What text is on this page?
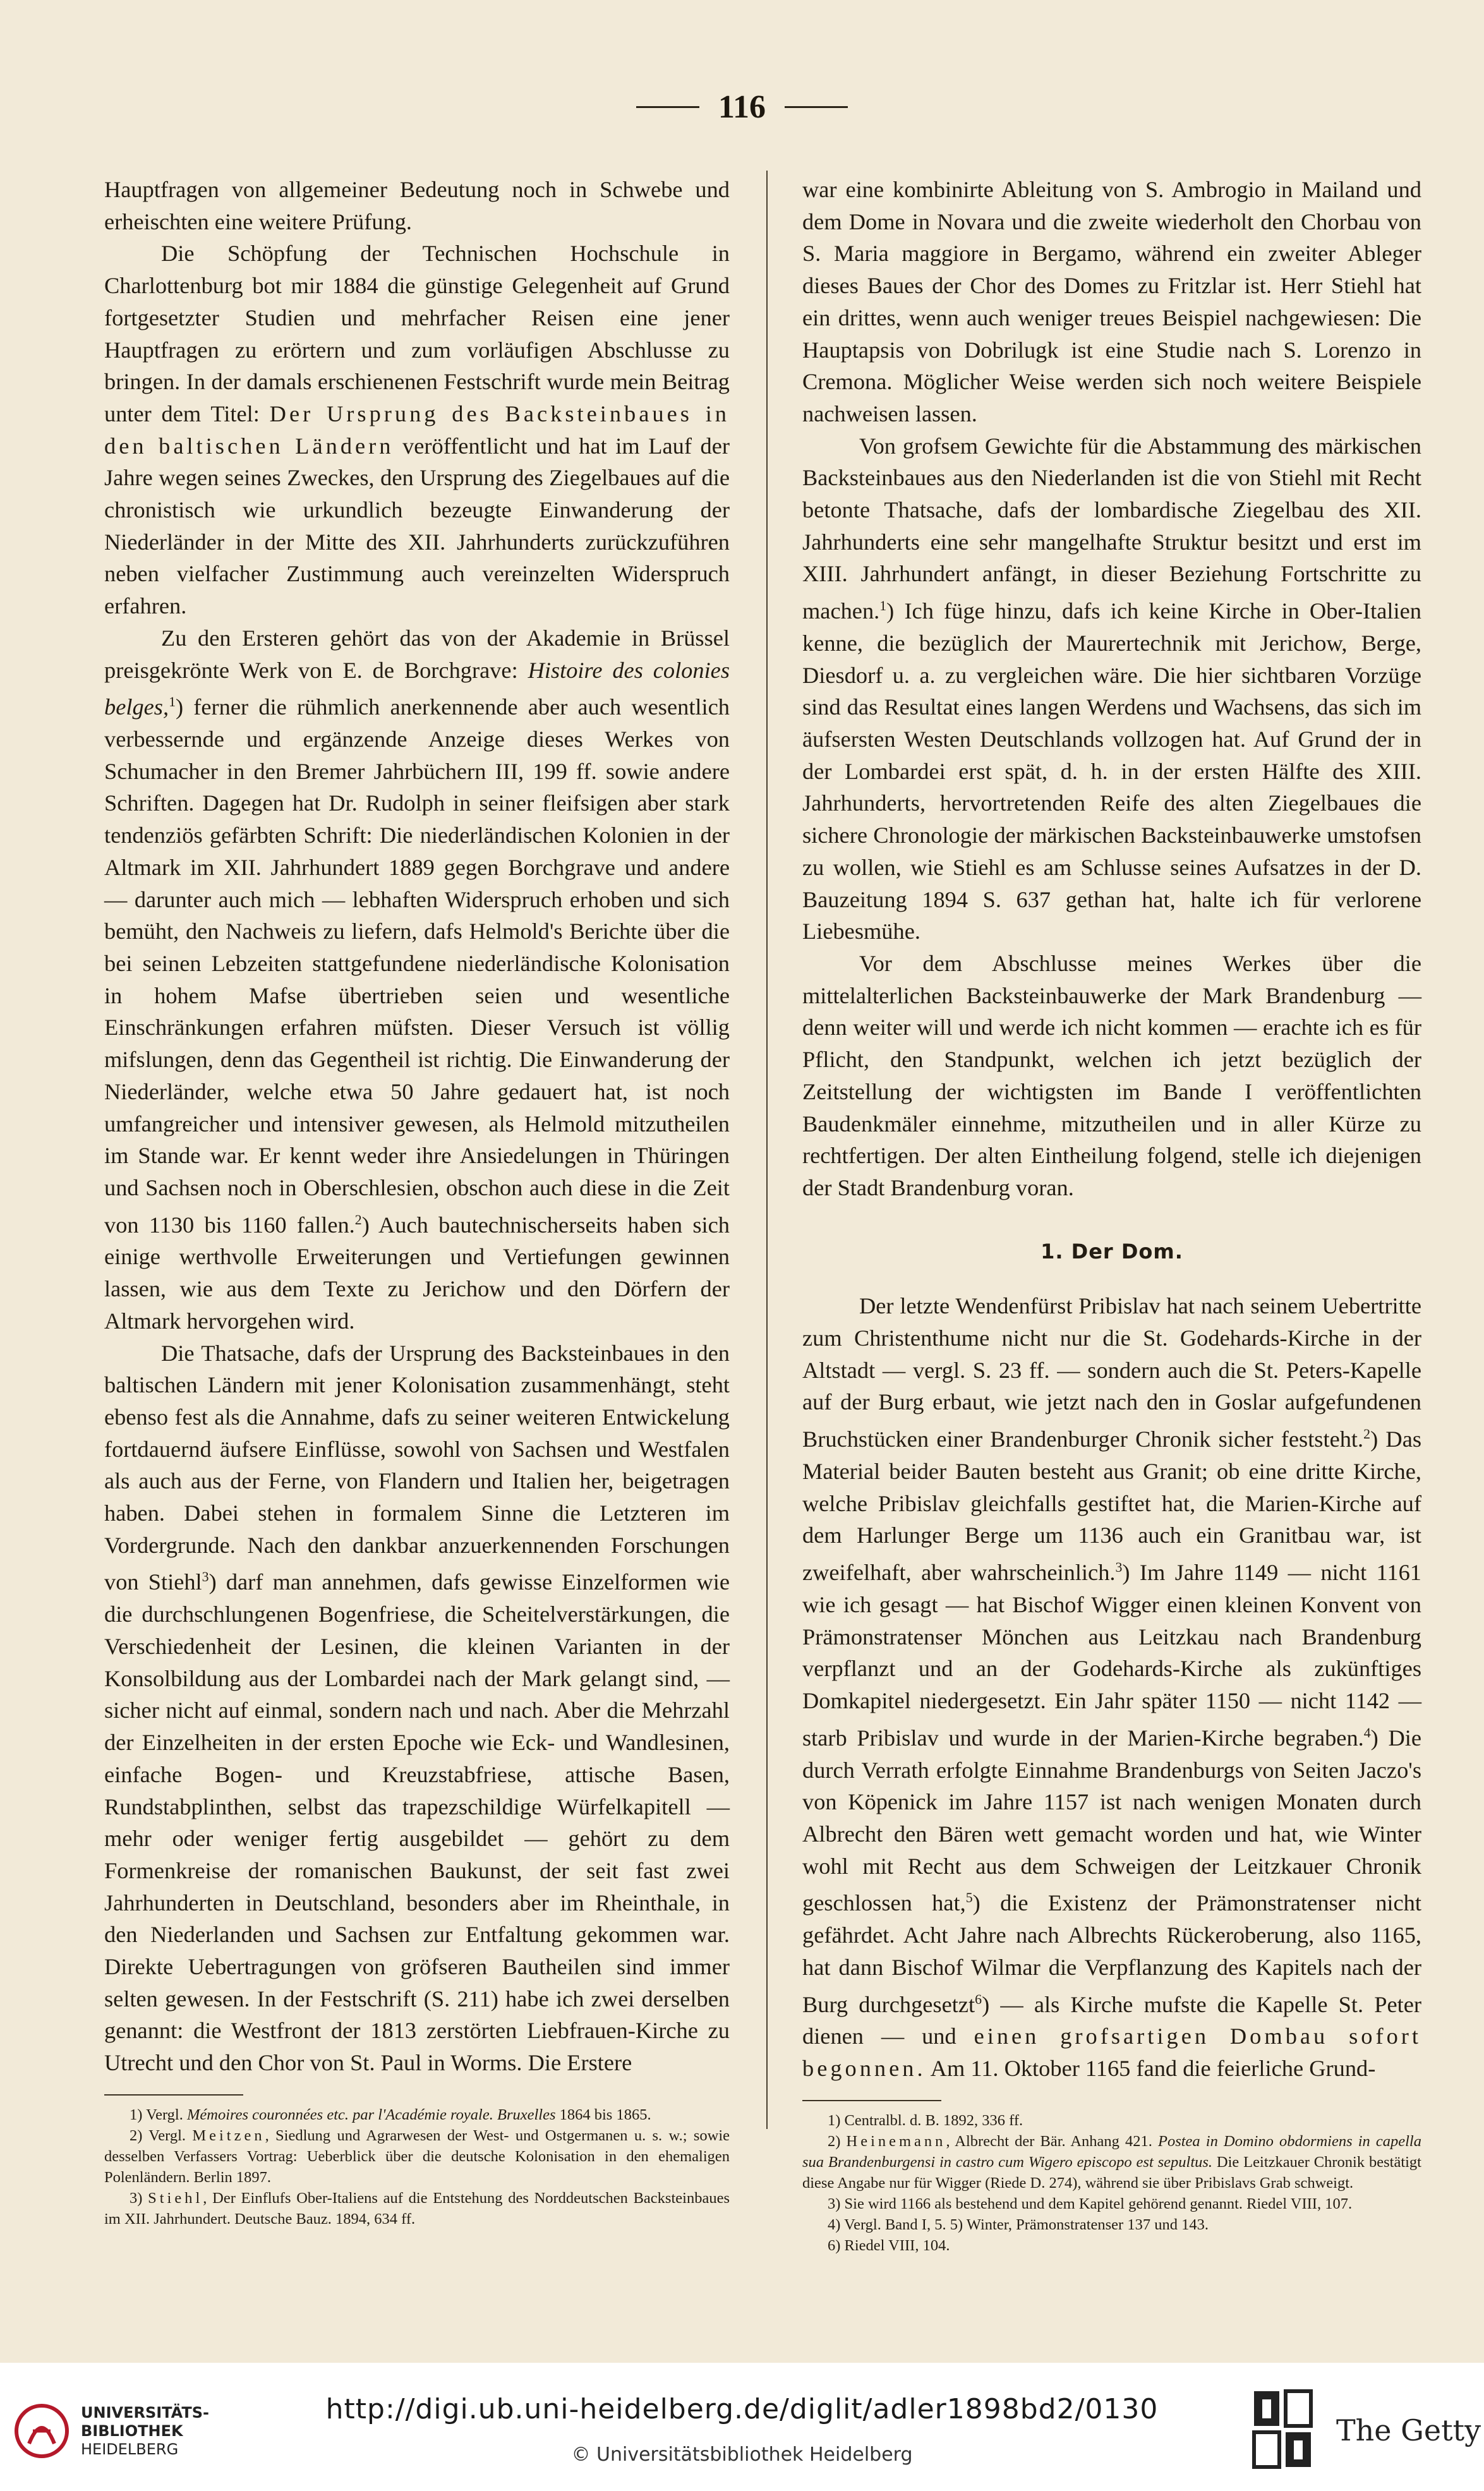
116

Hauptfragen von allgemeiner Bedeutung noch in Schwebe und erheischten eine weitere Prüfung.

Die Schöpfung der Technischen Hochschule in Charlottenburg bot mir 1884 die günstige Gelegenheit auf Grund fortgesetzter Studien und mehrfacher Reisen eine jener Hauptfragen zu erörtern und zum vorläufigen Abschlusse zu bringen. In der damals erschienenen Festschrift wurde mein Beitrag unter dem Titel: Der Ursprung des Backsteinbaues in den baltischen Ländern veröffentlicht und hat im Lauf der Jahre wegen seines Zweckes, den Ursprung des Ziegelbaues auf die chronistisch wie urkundlich bezeugte Einwanderung der Niederländer in der Mitte des XII. Jahrhunderts zurückzuführen neben vielfacher Zustimmung auch vereinzelten Widerspruch erfahren.

Zu den Ersteren gehört das von der Akademie in Brüssel preisgekrönte Werk von E. de Borchgrave: Histoire des colonies belges,$^1$) ferner die rühmlich anerkennende aber auch wesentlich verbessernde und ergänzende Anzeige dieses Werkes von Schumacher in den Bremer Jahrbüchern III, 199 ff. sowie andere Schriften. Dagegen hat Dr. Rudolph in seiner fleifsigen aber stark tendenziös gefärbten Schrift: Die niederländischen Kolonien in der Altmark im XII. Jahrhundert 1889 gegen Borchgrave und andere — darunter auch mich — lebhaften Widerspruch erhoben und sich bemüht, den Nachweis zu liefern, dafs Helmold's Berichte über die bei seinen Lebzeiten stattgefundene niederländische Kolonisation in hohem Mafse übertrieben seien und wesentliche Einschränkungen erfahren müfsten. Dieser Versuch ist völlig mifslungen, denn das Gegentheil ist richtig. Die Einwanderung der Niederländer, welche etwa 50 Jahre gedauert hat, ist noch umfangreicher und intensiver gewesen, als Helmold mitzutheilen im Stande war. Er kennt weder ihre Ansiedelungen in Thüringen und Sachsen noch in Oberschlesien, obschon auch diese in die Zeit von 1130 bis 1160 fallen.$^2$) Auch bautechnischerseits haben sich einige werthvolle Erweiterungen und Vertiefungen gewinnen lassen, wie aus dem Texte zu Jerichow und den Dörfern der Altmark hervorgehen wird.

Die Thatsache, dafs der Ursprung des Backsteinbaues in den baltischen Ländern mit jener Kolonisation zusammenhängt, steht ebenso fest als die Annahme, dafs zu seiner weiteren Entwickelung fortdauernd äufsere Einflüsse, sowohl von Sachsen und Westfalen als auch aus der Ferne, von Flandern und Italien her, beigetragen haben. Dabei stehen in formalem Sinne die Letzteren im Vordergrunde. Nach den dankbar anzuerkennenden Forschungen von Stiehl$^3$) darf man annehmen, dafs gewisse Einzelformen wie die durchschlungenen Bogenfriese, die Scheitelverstärkungen, die Verschiedenheit der Lesinen, die kleinen Varianten in der Konsolbildung aus der Lombardei nach der Mark gelangt sind, — sicher nicht auf einmal, sondern nach und nach. Aber die Mehrzahl der Einzelheiten in der ersten Epoche wie Eck- und Wandlesinen, einfache Bogen- und Kreuzstabfriese, attische Basen, Rundstabplinthen, selbst das trapezschildige Würfelkapitell — mehr oder weniger fertig ausgebildet — gehört zu dem Formenkreise der romanischen Baukunst, der seit fast zwei Jahrhunderten in Deutschland, besonders aber im Rheinthale, in den Niederlanden und Sachsen zur Entfaltung gekommen war. Direkte Uebertragungen von gröfseren Bautheilen sind immer selten gewesen. In der Festschrift (S. 211) habe ich zwei derselben genannt: die Westfront der 1813 zerstörten Liebfrauen-Kirche zu Utrecht und den Chor von St. Paul in Worms. Die Erstere

1) Vergl. Mémoires couronnées etc. par l'Académie royale. Bruxelles 1864 bis 1865.

2) Vergl. Meitzen, Siedlung und Agrarwesen der West- und Ostgermanen u. s. w.; sowie desselben Verfassers Vortrag: Ueberblick über die deutsche Kolonisation in den ehemaligen Polenländern. Berlin 1897.

3) Stiehl, Der Einflufs Ober-Italiens auf die Entstehung des Norddeutschen Backsteinbaues im XII. Jahrhundert. Deutsche Bauz. 1894, 634 ff.

war eine kombinirte Ableitung von S. Ambrogio in Mailand und dem Dome in Novara und die zweite wiederholt den Chorbau von S. Maria maggiore in Bergamo, während ein zweiter Ableger dieses Baues der Chor des Domes zu Fritzlar ist. Herr Stiehl hat ein drittes, wenn auch weniger treues Beispiel nachgewiesen: Die Hauptapsis von Dobrilugk ist eine Studie nach S. Lorenzo in Cremona. Möglicher Weise werden sich noch weitere Beispiele nachweisen lassen.

Von grofsem Gewichte für die Abstammung des märkischen Backsteinbaues aus den Niederlanden ist die von Stiehl mit Recht betonte Thatsache, dafs der lombardische Ziegelbau des XII. Jahrhunderts eine sehr mangelhafte Struktur besitzt und erst im XIII. Jahrhundert anfängt, in dieser Beziehung Fortschritte zu machen.$^1$) Ich füge hinzu, dafs ich keine Kirche in Ober-Italien kenne, die bezüglich der Maurertechnik mit Jerichow, Berge, Diesdorf u. a. zu vergleichen wäre. Die hier sichtbaren Vorzüge sind das Resultat eines langen Werdens und Wachsens, das sich im äufsersten Westen Deutschlands vollzogen hat. Auf Grund der in der Lombardei erst spät, d. h. in der ersten Hälfte des XIII. Jahrhunderts, hervortretenden Reife des alten Ziegelbaues die sichere Chronologie der märkischen Backsteinbauwerke umstofsen zu wollen, wie Stiehl es am Schlusse seines Aufsatzes in der D. Bauzeitung 1894 S. 637 gethan hat, halte ich für verlorene Liebesmühe.

Vor dem Abschlusse meines Werkes über die mittelalterlichen Backsteinbauwerke der Mark Brandenburg — denn weiter will und werde ich nicht kommen — erachte ich es für Pflicht, den Standpunkt, welchen ich jetzt bezüglich der Zeitstellung der wichtigsten im Bande I veröffentlichten Baudenkmäler einnehme, mitzutheilen und in aller Kürze zu rechtfertigen. Der alten Eintheilung folgend, stelle ich diejenigen der Stadt Brandenburg voran.

1. Der Dom.

Der letzte Wendenfürst Pribislav hat nach seinem Uebertritte zum Christenthume nicht nur die St. Godehards-Kirche in der Altstadt — vergl. S. 23 ff. — sondern auch die St. Peters-Kapelle auf der Burg erbaut, wie jetzt nach den in Goslar aufgefundenen Bruchstücken einer Brandenburger Chronik sicher feststeht.$^2$) Das Material beider Bauten besteht aus Granit; ob eine dritte Kirche, welche Pribislav gleichfalls gestiftet hat, die Marien-Kirche auf dem Harlunger Berge um 1136 auch ein Granitbau war, ist zweifelhaft, aber wahrscheinlich.$^3$) Im Jahre 1149 — nicht 1161 wie ich gesagt — hat Bischof Wigger einen kleinen Konvent von Prämonstratenser Mönchen aus Leitzkau nach Brandenburg verpflanzt und an der Godehards-Kirche als zukünftiges Domkapitel niedergesetzt. Ein Jahr später 1150 — nicht 1142 — starb Pribislav und wurde in der Marien-Kirche begraben.$^4$) Die durch Verrath erfolgte Einnahme Brandenburgs von Seiten Jaczo's von Köpenick im Jahre 1157 ist nach wenigen Monaten durch Albrecht den Bären wett gemacht worden und hat, wie Winter wohl mit Recht aus dem Schweigen der Leitzkauer Chronik geschlossen hat,$^5$) die Existenz der Prämonstratenser nicht gefährdet. Acht Jahre nach Albrechts Rückeroberung, also 1165, hat dann Bischof Wilmar die Verpflanzung des Kapitels nach der Burg durchgesetzt$^6$) — als Kirche mufste die Kapelle St. Peter dienen — und einen grofsartigen Dombau sofort begonnen. Am 11. Oktober 1165 fand die feierliche Grund-

1) Centralbl. d. B. 1892, 336 ff.

2) Heinemann, Albrecht der Bär. Anhang 421. Postea in Domino obdormiens in capella sua Brandenburgensi in castro cum Wigero episcopo est sepultus. Die Leitzkauer Chronik bestätigt diese Angabe nur für Wigger (Riede D. 274), während sie über Pribislavs Grab schweigt.

3) Sie wird 1166 als bestehend und dem Kapitel gehörend genannt. Riedel VIII, 107.

4) Vergl. Band I, 5. 5) Winter, Prämonstratenser 137 und 143.

6) Riedel VIII, 104.

UNIVERSITÄTS-
BIBLIOTHEK
HEIDELBERG
http://digi.ub.uni-heidelberg.de/diglit/adler1898bd2/0130
© Universitätsbibliothek Heidelberg
The Getty
